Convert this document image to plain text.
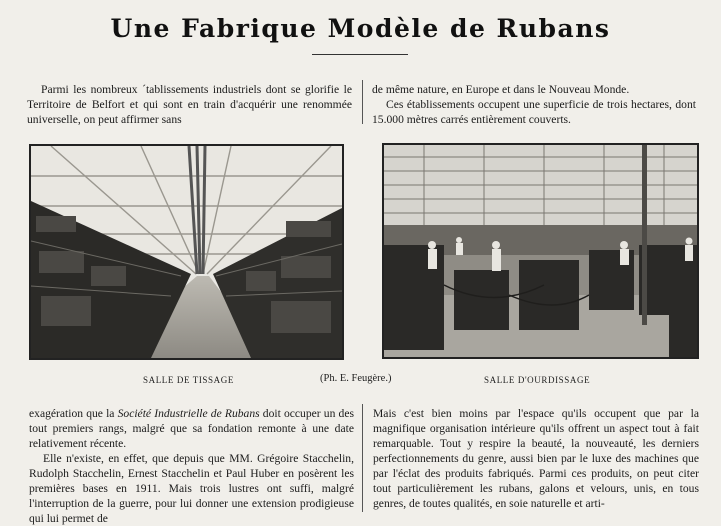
Une Fabrique Modèle de Rubans

Parmi les nombreux ´tablissements industriels dont se glorifie le Territoire de Belfort et qui sont en train d'acquérir une renommée universelle, on peut affirmer sans

de même nature, en Europe et dans le Nouveau Monde.

Ces établissements occupent une superficie de trois hectares, dont 15.000 mètres carrés entièrement couverts.

SALLE DE TISSAGE	(Ph. E. Feugère.)	SALLE D'OURDISSAGE

exagération que la Société Industrielle de Rubans doit occuper un des tout premiers rangs, malgré que sa fondation remonte à une date relativement récente.

Elle n'existe, en effet, que depuis que MM. Grégoire Stacchelin, Rudolph Stacchelin, Ernest Stacchelin et Paul Huber en posèrent les premières bases en 1911. Mais trois lustres ont suffi, malgré l'interruption de la guerre, pour lui donner une extension prodigieuse qui lui permet de

Mais c'est bien moins par l'espace qu'ils occupent que par la magnifique organisation intérieure qu'ils offrent un aspect tout à fait remarquable. Tout y respire la beauté, la nouveauté, les derniers perfectionnements du genre, aussi bien par le luxe des machines que par l'éclat des produits fabriqués. Parmi ces produits, on peut citer tout particulièrement les rubans, galons et velours, unis, en tous genres, de toutes qualités, en soie naturelle et arti-
